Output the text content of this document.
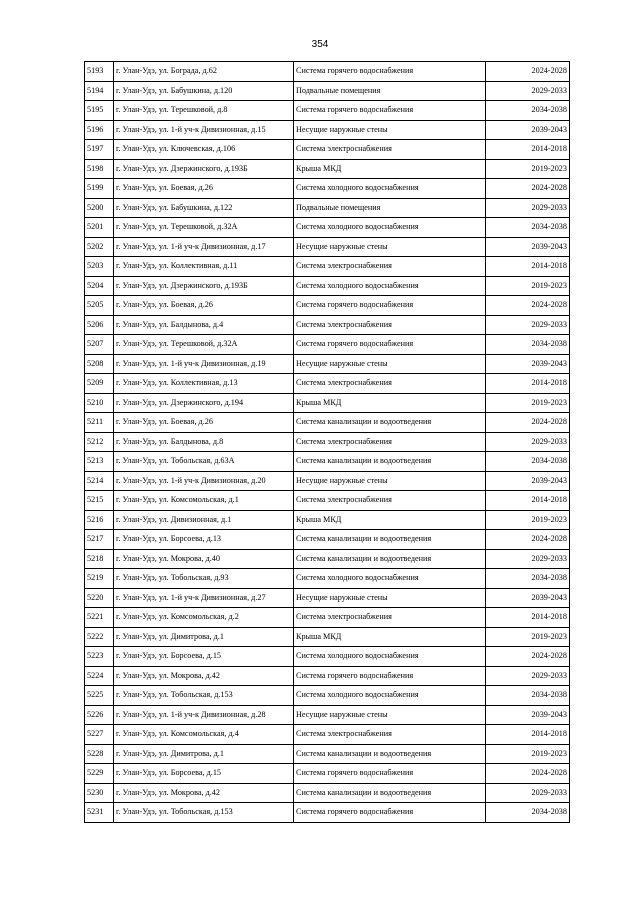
354
5193	г. Улан-Удэ, ул. Бограда, д.62	Система горячего водоснабжения	2024-2028
5194	г. Улан-Удэ, ул. Бабушкина, д.120	Подвальные помещения	2029-2033
5195	г. Улан-Удэ, ул. Терешковой, д.8	Система горячего водоснабжения	2034-2038
5196	г. Улан-Удэ, ул. 1-й уч-к Дивизионная, д.15	Несущие наружные стены	2039-2043
5197	г. Улан-Удэ, ул. Ключевская, д.106	Система электроснабжения	2014-2018
5198	г. Улан-Удэ, ул. Дзержинского, д.193Б	Крыша МКД	2019-2023
5199	г. Улан-Удэ, ул. Боевая, д.26	Система холодного водоснабжения	2024-2028
5200	г. Улан-Удэ, ул. Бабушкина, д.122	Подвальные помещения	2029-2033
5201	г. Улан-Удэ, ул. Терешковой, д.32А	Система холодного водоснабжения	2034-2038
5202	г. Улан-Удэ, ул. 1-й уч-к Дивизионная, д.17	Несущие наружные стены	2039-2043
5203	г. Улан-Удэ, ул. Коллективная, д.11	Система электроснабжения	2014-2018
5204	г. Улан-Удэ, ул. Дзержинского, д.193Б	Система холодного водоснабжения	2019-2023
5205	г. Улан-Удэ, ул. Боевая, д.26	Система горячего водоснабжения	2024-2028
5206	г. Улан-Удэ, ул. Балдынова, д.4	Система электроснабжения	2029-2033
5207	г. Улан-Удэ, ул. Терешковой, д.32А	Система горячего водоснабжения	2034-2038
5208	г. Улан-Удэ, ул. 1-й уч-к Дивизионная, д.19	Несущие наружные стены	2039-2043
5209	г. Улан-Удэ, ул. Коллективная, д.13	Система электроснабжения	2014-2018
5210	г. Улан-Удэ, ул. Дзержинского, д.194	Крыша МКД	2019-2023
5211	г. Улан-Удэ, ул. Боевая, д.26	Система канализации и водоотведения	2024-2028
5212	г. Улан-Удэ, ул. Балдынова, д.8	Система электроснабжения	2029-2033
5213	г. Улан-Удэ, ул. Тобольская, д.63А	Система канализации и водоотведения	2034-2038
5214	г. Улан-Удэ, ул. 1-й уч-к Дивизионная, д.20	Несущие наружные стены	2039-2043
5215	г. Улан-Удэ, ул. Комсомольская, д.1	Система электроснабжения	2014-2018
5216	г. Улан-Удэ, ул. Дивизионная, д.1	Крыша МКД	2019-2023
5217	г. Улан-Удэ, ул. Борсоева, д.13	Система канализации и водоотведения	2024-2028
5218	г. Улан-Удэ, ул. Мокрова, д.40	Система канализации и водоотведения	2029-2033
5219	г. Улан-Удэ, ул. Тобольская, д.93	Система холодного водоснабжения	2034-2038
5220	г. Улан-Удэ, ул. 1-й уч-к Дивизионная, д.27	Несущие наружные стены	2039-2043
5221	г. Улан-Удэ, ул. Комсомольская, д.2	Система электроснабжения	2014-2018
5222	г. Улан-Удэ, ул. Димитрова, д.1	Крыша МКД	2019-2023
5223	г. Улан-Удэ, ул. Борсоева, д.15	Система холодного водоснабжения	2024-2028
5224	г. Улан-Удэ, ул. Мокрова, д.42	Система горячего водоснабжения	2029-2033
5225	г. Улан-Удэ, ул. Тобольская, д.153	Система холодного водоснабжения	2034-2038
5226	г. Улан-Удэ, ул. 1-й уч-к Дивизионная, д.28	Несущие наружные стены	2039-2043
5227	г. Улан-Удэ, ул. Комсомольская, д.4	Система электроснабжения	2014-2018
5228	г. Улан-Удэ, ул. Димитрова, д.1	Система канализации и водоотведения	2019-2023
5229	г. Улан-Удэ, ул. Борсоева, д.15	Система горячего водоснабжения	2024-2028
5230	г. Улан-Удэ, ул. Мокрова, д.42	Система канализации и водоотведения	2029-2033
5231	г. Улан-Удэ, ул. Тобольская, д.153	Система горячего водоснабжения	2034-2038
